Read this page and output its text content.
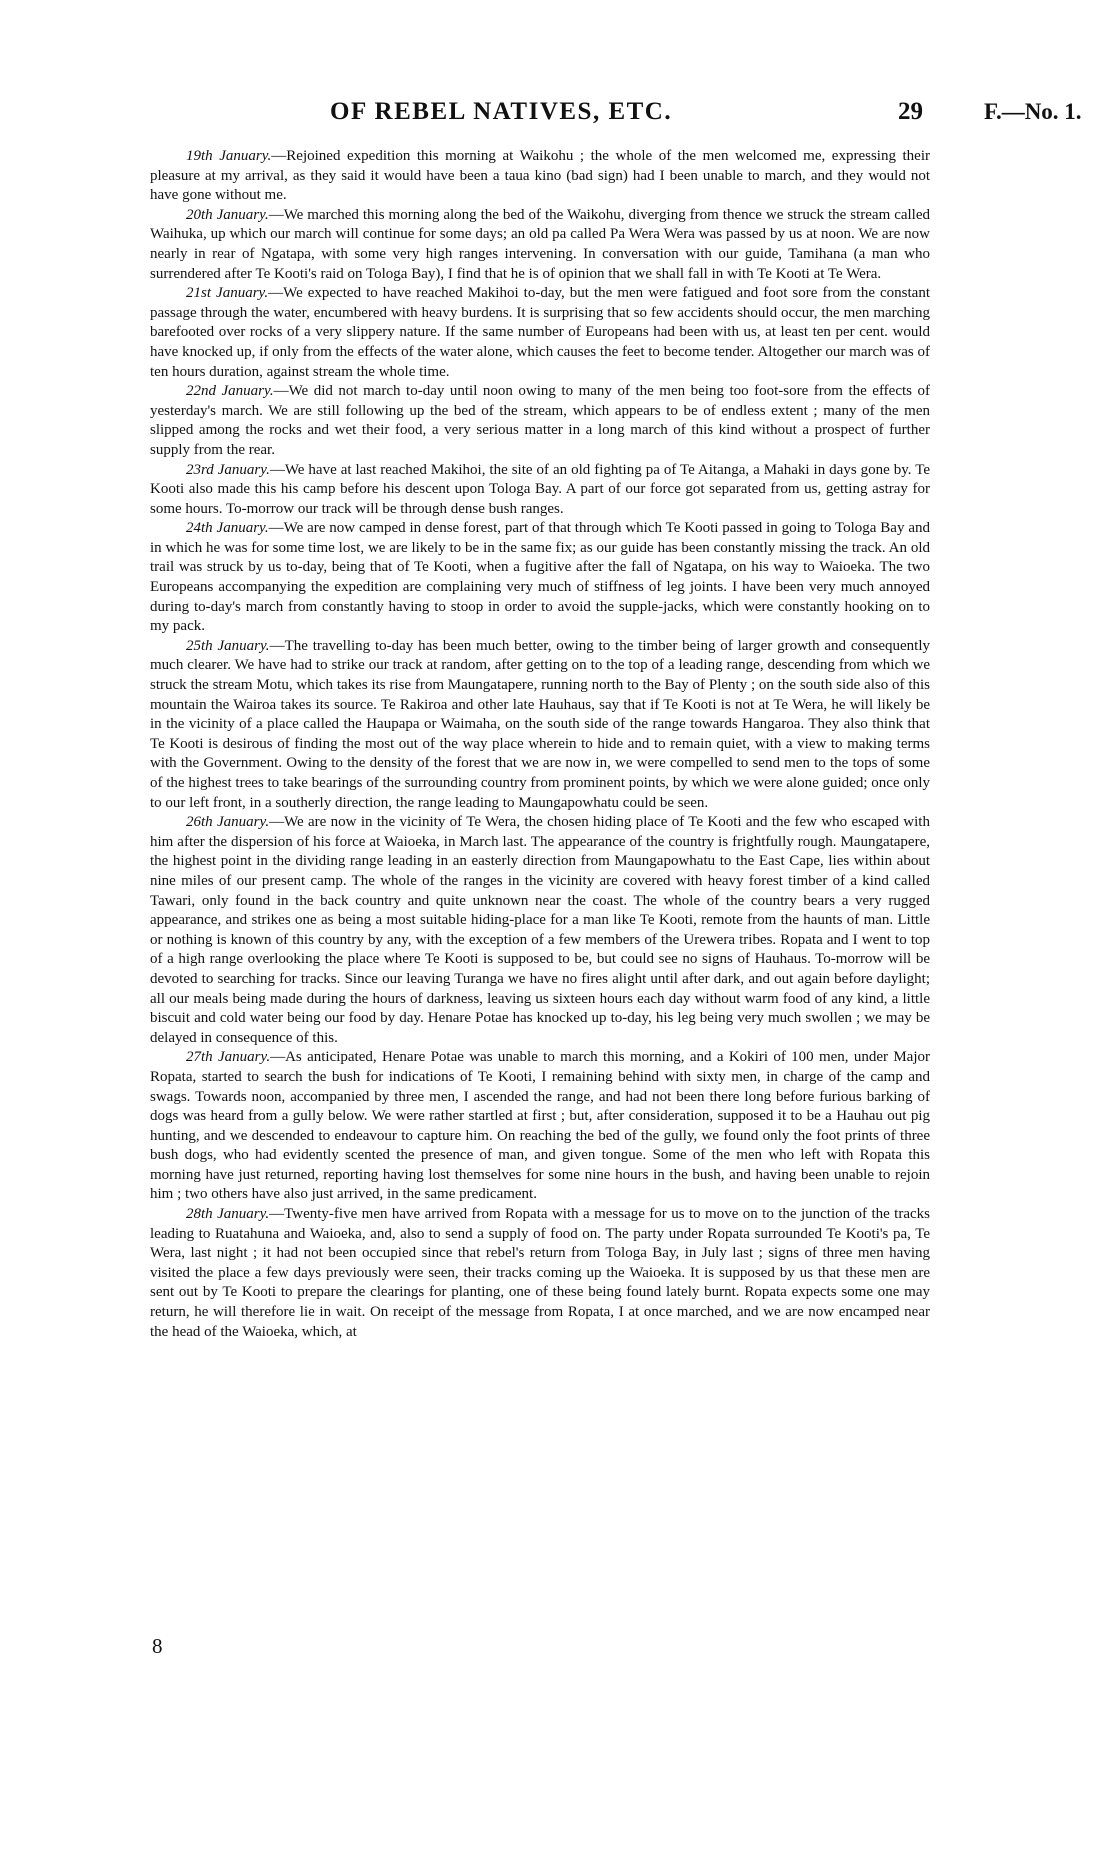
OF REBEL NATIVES, ETC.	29	F.—No. 1.

19th January.—Rejoined expedition this morning at Waikohu ; the whole of the men welcomed me, expressing their pleasure at my arrival, as they said it would have been a taua kino (bad sign) had I been unable to march, and they would not have gone without me.

20th January.—We marched this morning along the bed of the Waikohu, diverging from thence we struck the stream called Waihuka, up which our march will continue for some days; an old pa called Pa Wera Wera was passed by us at noon. We are now nearly in rear of Ngatapa, with some very high ranges intervening. In conversation with our guide, Tamihana (a man who surrendered after Te Kooti's raid on Tologa Bay), I find that he is of opinion that we shall fall in with Te Kooti at Te Wera.

21st January.—We expected to have reached Makihoi to-day, but the men were fatigued and foot sore from the constant passage through the water, encumbered with heavy burdens. It is surprising that so few accidents should occur, the men marching barefooted over rocks of a very slippery nature. If the same number of Europeans had been with us, at least ten per cent. would have knocked up, if only from the effects of the water alone, which causes the feet to become tender. Altogether our march was of ten hours duration, against stream the whole time.

22nd January.—We did not march to-day until noon owing to many of the men being too foot-sore from the effects of yesterday's march. We are still following up the bed of the stream, which appears to be of endless extent ; many of the men slipped among the rocks and wet their food, a very serious matter in a long march of this kind without a prospect of further supply from the rear.

23rd January.—We have at last reached Makihoi, the site of an old fighting pa of Te Aitanga, a Mahaki in days gone by. Te Kooti also made this his camp before his descent upon Tologa Bay. A part of our force got separated from us, getting astray for some hours. To-morrow our track will be through dense bush ranges.

24th January.—We are now camped in dense forest, part of that through which Te Kooti passed in going to Tologa Bay and in which he was for some time lost, we are likely to be in the same fix; as our guide has been constantly missing the track. An old trail was struck by us to-day, being that of Te Kooti, when a fugitive after the fall of Ngatapa, on his way to Waioeka. The two Europeans accompanying the expedition are complaining very much of stiffness of leg joints. I have been very much annoyed during to-day's march from constantly having to stoop in order to avoid the supple-jacks, which were constantly hooking on to my pack.

25th January.—The travelling to-day has been much better, owing to the timber being of larger growth and consequently much clearer. We have had to strike our track at random, after getting on to the top of a leading range, descending from which we struck the stream Motu, which takes its rise from Maungatapere, running north to the Bay of Plenty ; on the south side also of this mountain the Wairoa takes its source. Te Rakiroa and other late Hauhaus, say that if Te Kooti is not at Te Wera, he will likely be in the vicinity of a place called the Haupapa or Waimaha, on the south side of the range towards Hangaroa. They also think that Te Kooti is desirous of finding the most out of the way place wherein to hide and to remain quiet, with a view to making terms with the Government. Owing to the density of the forest that we are now in, we were compelled to send men to the tops of some of the highest trees to take bearings of the surrounding country from prominent points, by which we were alone guided; once only to our left front, in a southerly direction, the range leading to Maungapowhatu could be seen.

26th January.—We are now in the vicinity of Te Wera, the chosen hiding place of Te Kooti and the few who escaped with him after the dispersion of his force at Waioeka, in March last. The appearance of the country is frightfully rough. Maungatapere, the highest point in the dividing range leading in an easterly direction from Maungapowhatu to the East Cape, lies within about nine miles of our present camp. The whole of the ranges in the vicinity are covered with heavy forest timber of a kind called Tawari, only found in the back country and quite unknown near the coast. The whole of the country bears a very rugged appearance, and strikes one as being a most suitable hiding-place for a man like Te Kooti, remote from the haunts of man. Little or nothing is known of this country by any, with the exception of a few members of the Urewera tribes. Ropata and I went to top of a high range overlooking the place where Te Kooti is supposed to be, but could see no signs of Hauhaus. To-morrow will be devoted to searching for tracks. Since our leaving Turanga we have no fires alight until after dark, and out again before daylight; all our meals being made during the hours of darkness, leaving us sixteen hours each day without warm food of any kind, a little biscuit and cold water being our food by day. Henare Potae has knocked up to-day, his leg being very much swollen ; we may be delayed in consequence of this.

27th January.—As anticipated, Henare Potae was unable to march this morning, and a Kokiri of 100 men, under Major Ropata, started to search the bush for indications of Te Kooti, I remaining behind with sixty men, in charge of the camp and swags. Towards noon, accompanied by three men, I ascended the range, and had not been there long before furious barking of dogs was heard from a gully below. We were rather startled at first ; but, after consideration, supposed it to be a Hauhau out pig hunting, and we descended to endeavour to capture him. On reaching the bed of the gully, we found only the foot prints of three bush dogs, who had evidently scented the presence of man, and given tongue. Some of the men who left with Ropata this morning have just returned, reporting having lost themselves for some nine hours in the bush, and having been unable to rejoin him ; two others have also just arrived, in the same predicament.

28th January.—Twenty-five men have arrived from Ropata with a message for us to move on to the junction of the tracks leading to Ruatahuna and Waioeka, and, also to send a supply of food on. The party under Ropata surrounded Te Kooti's pa, Te Wera, last night ; it had not been occupied since that rebel's return from Tologa Bay, in July last ; signs of three men having visited the place a few days previously were seen, their tracks coming up the Waioeka. It is supposed by us that these men are sent out by Te Kooti to prepare the clearings for planting, one of these being found lately burnt. Ropata expects some one may return, he will therefore lie in wait. On receipt of the message from Ropata, I at once marched, and we are now encamped near the head of the Waioeka, which, at

8
